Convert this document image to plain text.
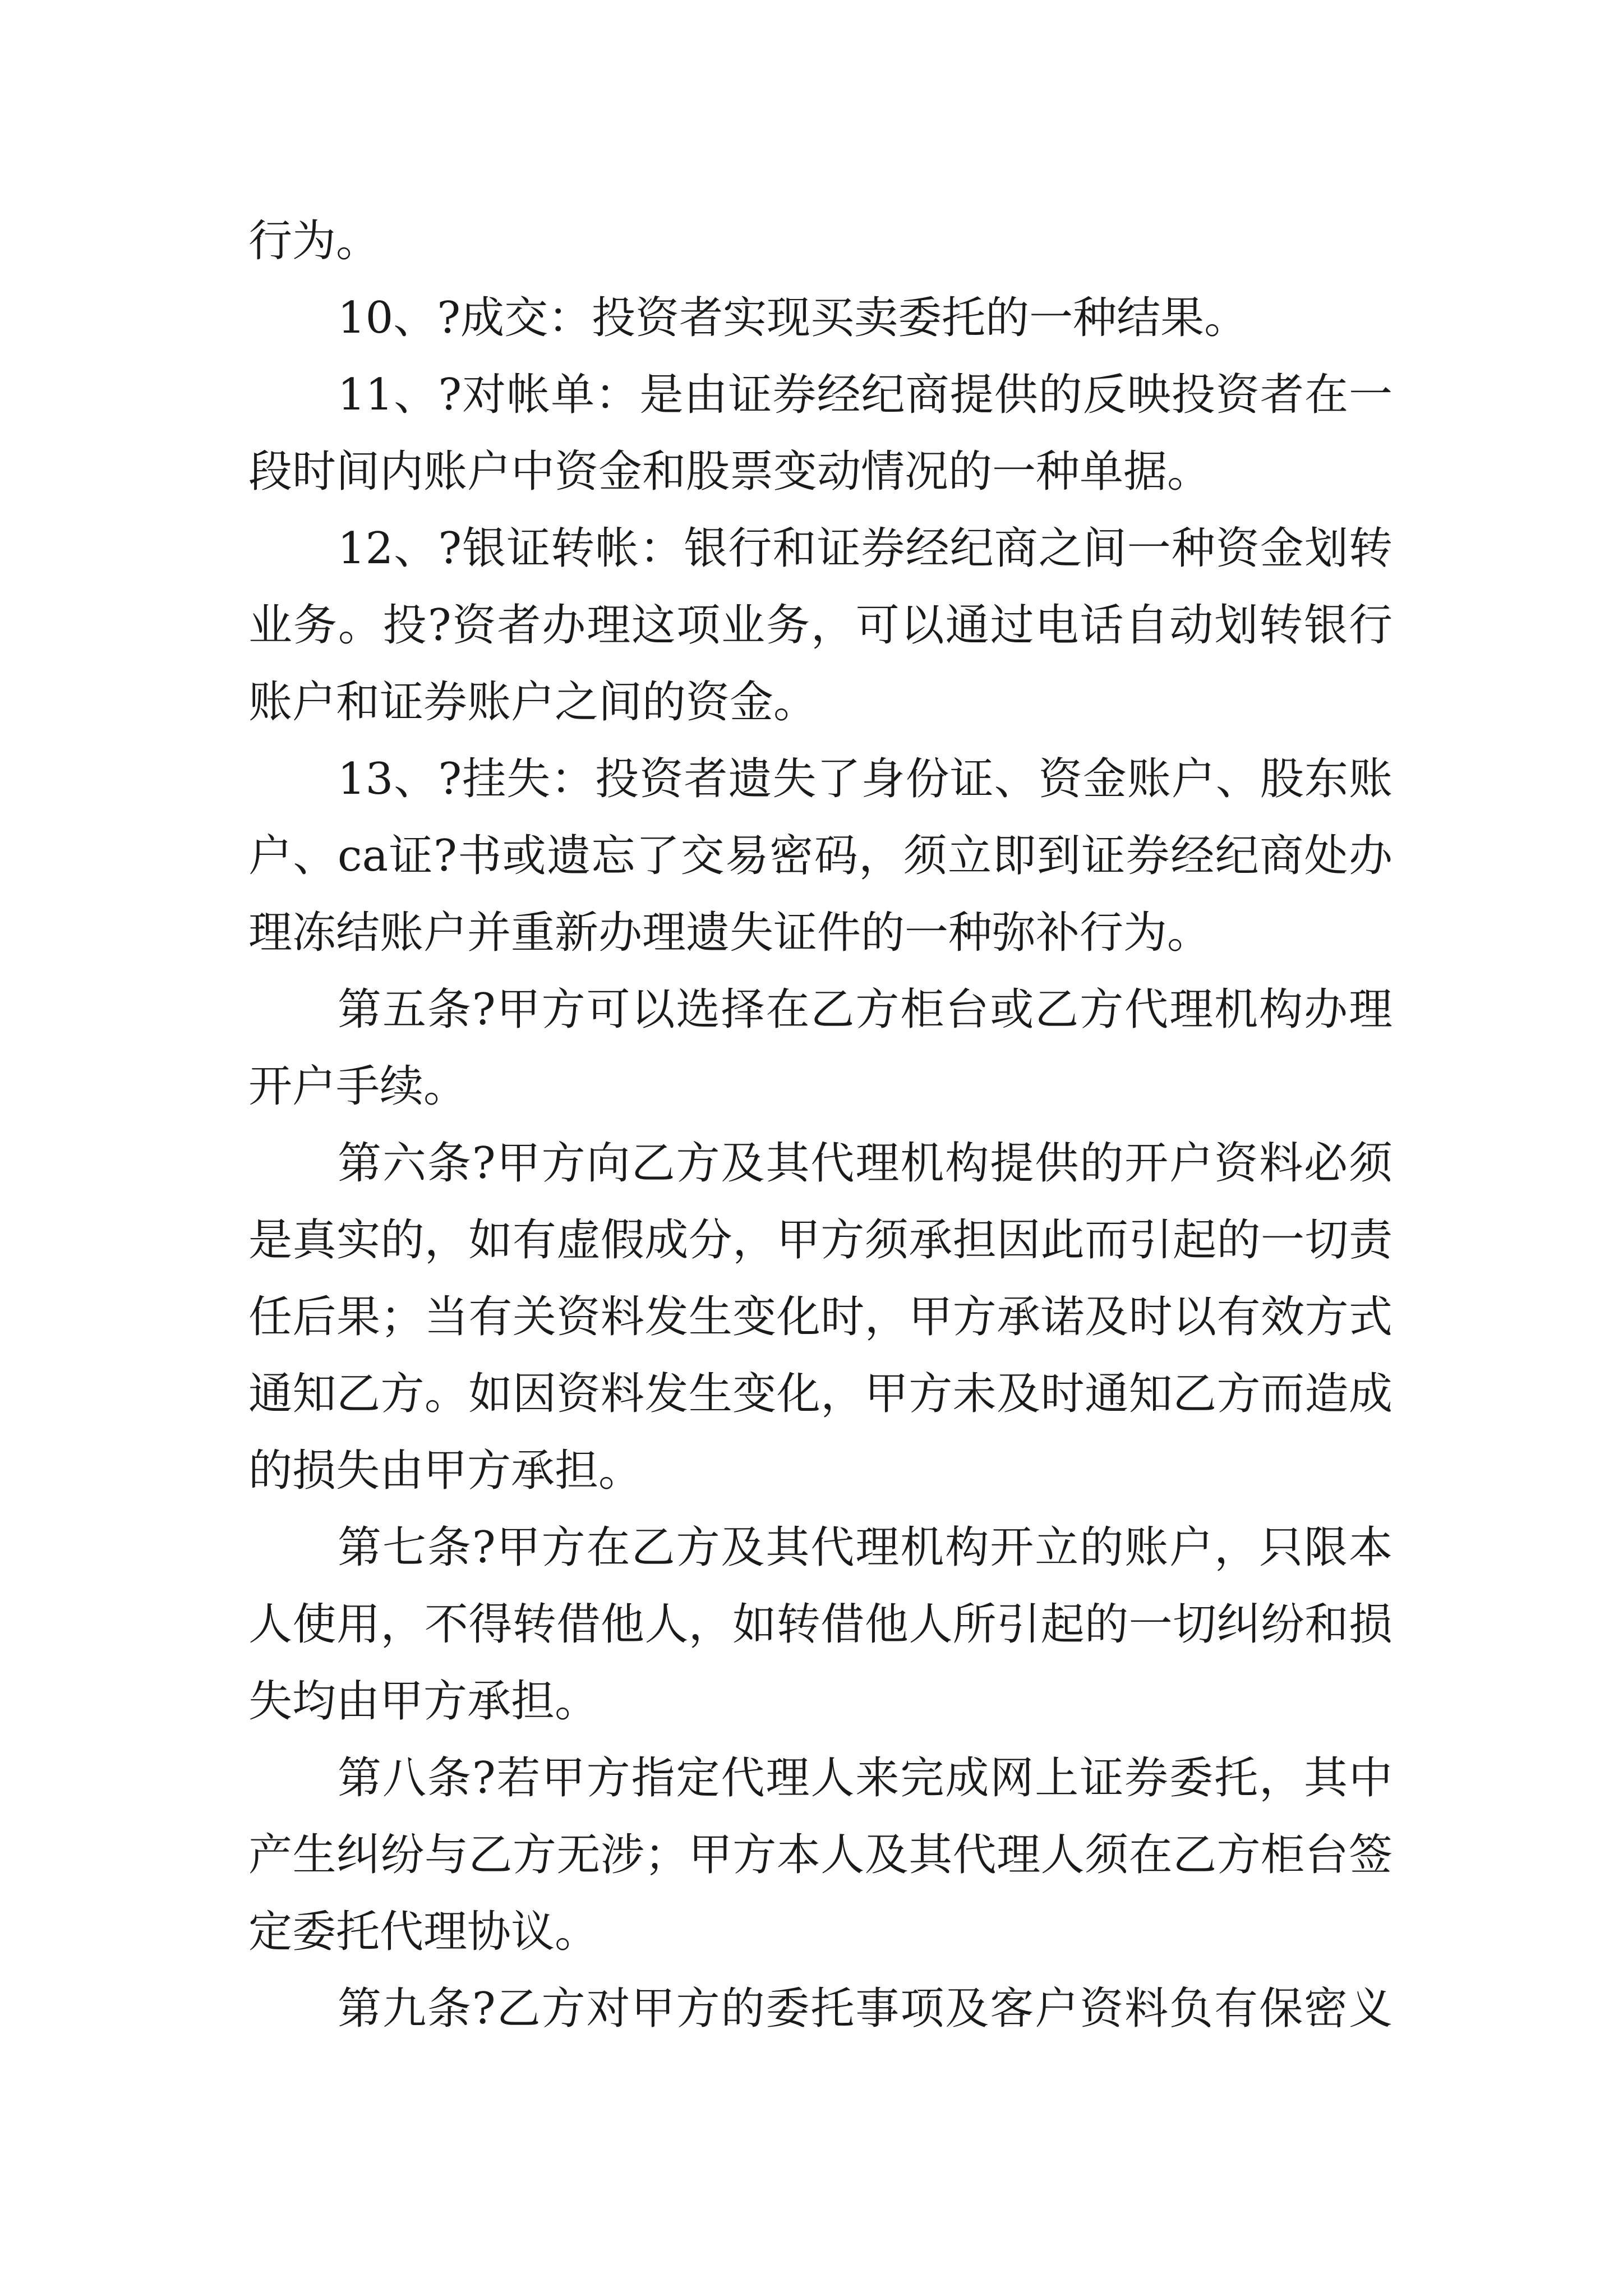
行为。
10、?成交：投资者实现买卖委托的一种结果。
11、?对帐单：是由证券经纪商提供的反映投资者在一
段时间内账户中资金和股票变动情况的一种单据。
12、?银证转帐：银行和证券经纪商之间一种资金划转
业务。投?资者办理这项业务，可以通过电话自动划转银行
账户和证券账户之间的资金。
13、?挂失：投资者遗失了身份证、资金账户、股东账
户、ca证?书或遗忘了交易密码，须立即到证券经纪商处办
理冻结账户并重新办理遗失证件的一种弥补行为。
第五条?甲方可以选择在乙方柜台或乙方代理机构办理
开户手续。
第六条?甲方向乙方及其代理机构提供的开户资料必须
是真实的，如有虚假成分，甲方须承担因此而引起的一切责
任后果；当有关资料发生变化时，甲方承诺及时以有效方式
通知乙方。如因资料发生变化，甲方未及时通知乙方而造成
的损失由甲方承担。
第七条?甲方在乙方及其代理机构开立的账户，只限本
人使用，不得转借他人，如转借他人所引起的一切纠纷和损
失均由甲方承担。
第八条?若甲方指定代理人来完成网上证券委托，其中
产生纠纷与乙方无涉；甲方本人及其代理人须在乙方柜台签
定委托代理协议。
第九条?乙方对甲方的委托事项及客户资料负有保密义
